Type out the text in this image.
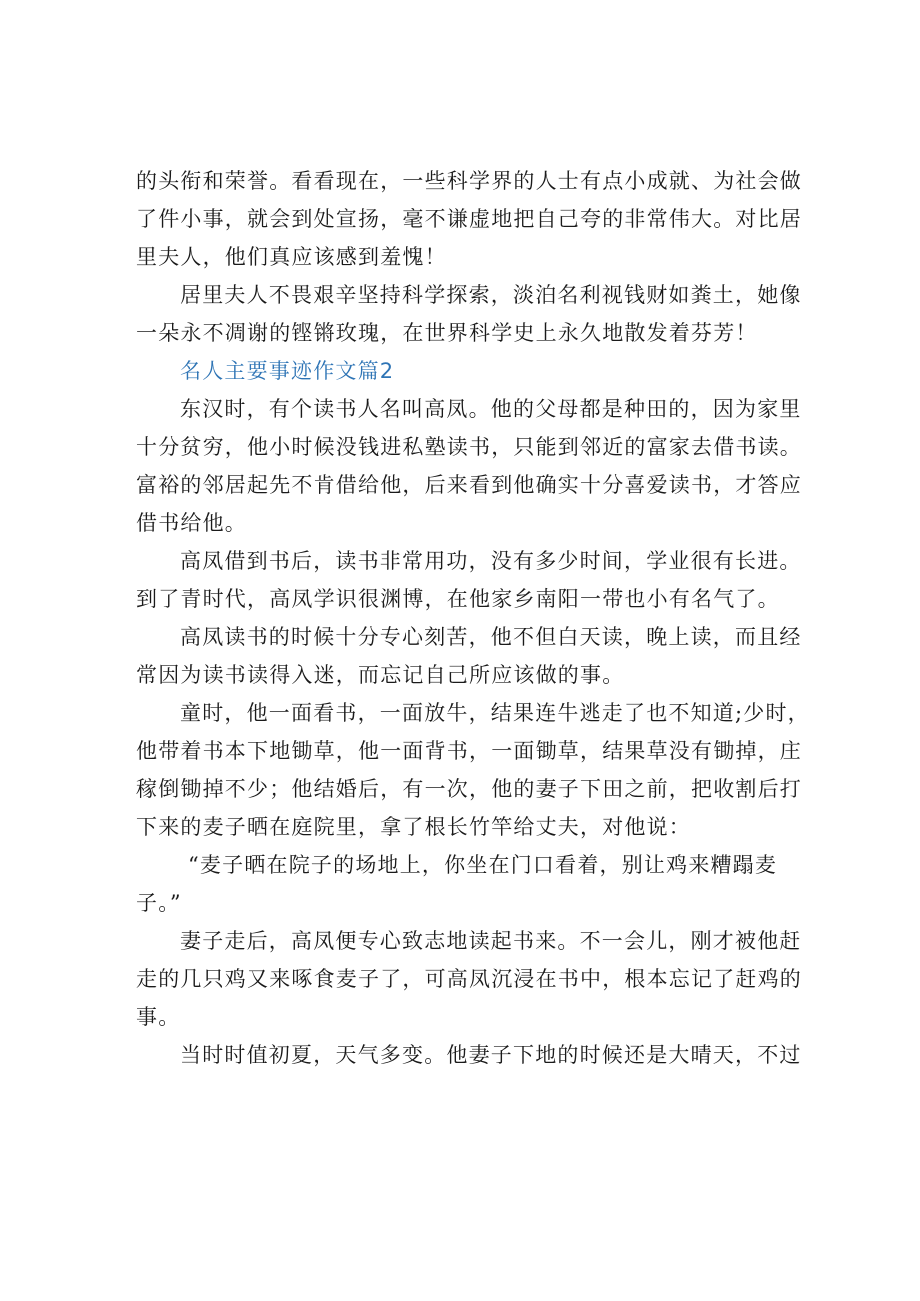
的头衔和荣誉。看看现在，一些科学界的人士有点小成就、为社会做
了件小事，就会到处宣扬，毫不谦虚地把自己夸的非常伟大。对比居
里夫人，他们真应该感到羞愧！
居里夫人不畏艰辛坚持科学探索，淡泊名利视钱财如粪土，她像
一朵永不凋谢的铿锵玫瑰，在世界科学史上永久地散发着芬芳！
名人主要事迹作文篇2
东汉时，有个读书人名叫高凤。他的父母都是种田的，因为家里
十分贫穷，他小时候没钱进私塾读书，只能到邻近的富家去借书读。
富裕的邻居起先不肯借给他，后来看到他确实十分喜爱读书，才答应
借书给他。
高凤借到书后，读书非常用功，没有多少时间，学业很有长进。
到了青时代，高凤学识很渊博，在他家乡南阳一带也小有名气了。
高凤读书的时候十分专心刻苦，他不但白天读，晚上读，而且经
常因为读书读得入迷，而忘记自己所应该做的事。
童时，他一面看书，一面放牛，结果连牛逃走了也不知道;少时，
他带着书本下地锄草，他一面背书，一面锄草，结果草没有锄掉，庄
稼倒锄掉不少；他结婚后，有一次，他的妻子下田之前，把收割后打
下来的麦子晒在庭院里，拿了根长竹竿给丈夫，对他说：
“麦子晒在院子的场地上，你坐在门口看着，别让鸡来糟蹋麦
子。”
妻子走后，高凤便专心致志地读起书来。不一会儿，刚才被他赶
走的几只鸡又来啄食麦子了，可高凤沉浸在书中，根本忘记了赶鸡的
事。
当时时值初夏，天气多变。他妻子下地的时候还是大晴天，不过
